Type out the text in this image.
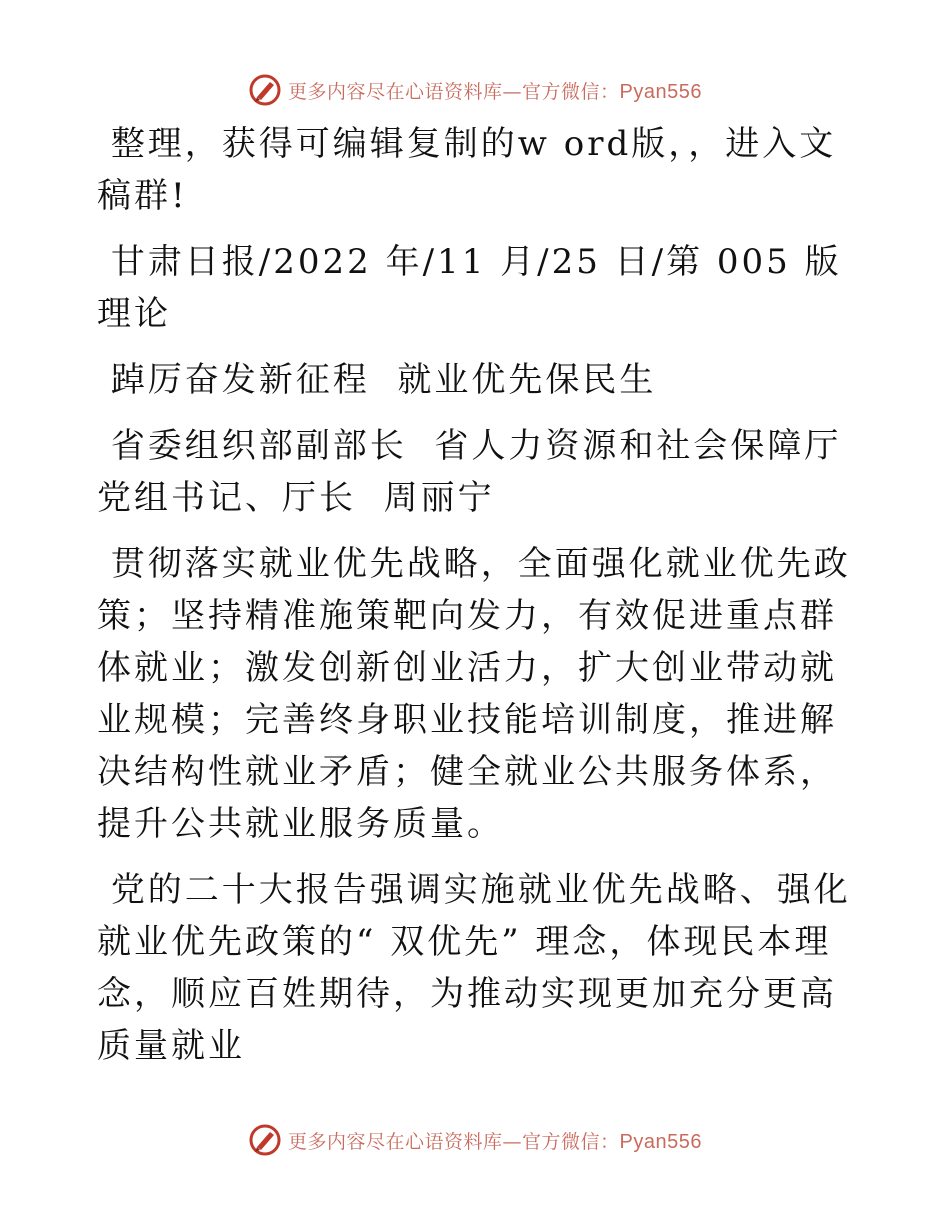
更多内容尽在心语资料库—官方微信：Pyan556

整理，获得可编辑复制的w ord版，，进入文稿群!

甘肃日报/2022 年/11 月/25 日/第 005 版理论

踔厉奋发新征程  就业优先保民生

省委组织部副部长  省人力资源和社会保障厅党组书记、厅长  周丽宁

贯彻落实就业优先战略，全面强化就业优先政策；坚持精准施策靶向发力，有效促进重点群体就业；激发创新创业活力，扩大创业带动就业规模；完善终身职业技能培训制度，推进解决结构性就业矛盾；健全就业公共服务体系，提升公共就业服务质量。

党的二十大报告强调实施就业优先战略、强化就业优先政策的“ 双优先” 理念，体现民本理念，顺应百姓期待，为推动实现更加充分更高质量就业

更多内容尽在心语资料库—官方微信：Pyan556
